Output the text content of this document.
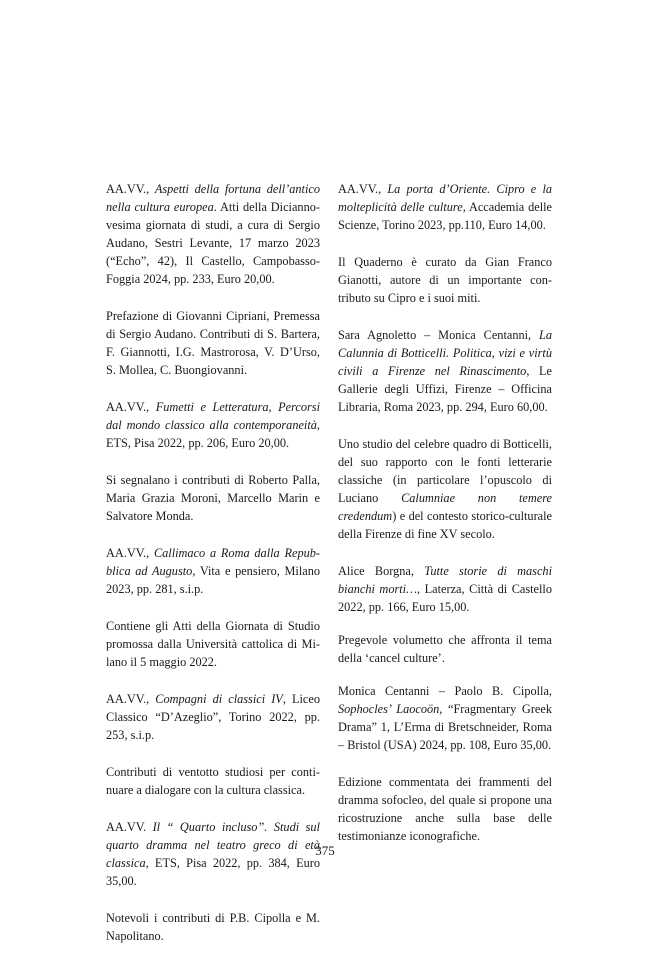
AA.VV., Aspetti della fortuna dell’antico nella cultura europea. Atti della Diciannovesima giornata di studi, a cura di Sergio Audano, Sestri Levante, 17 marzo 2023 (“Echo”, 42), Il Castello, Campobasso-Foggia 2024, pp. 233, Euro 20,00.

Prefazione di Giovanni Cipriani, Premessa di Sergio Audano. Contributi di S. Bartera, F. Giannotti, I.G. Mastrorosa, V. D’Urso, S. Mollea, C. Buongiovanni.

AA.VV., Fumetti e Letteratura, Percorsi dal mondo classico alla contemporaneità, ETS, Pisa 2022, pp. 206, Euro 20,00.

Si segnalano i contributi di Roberto Palla, Maria Grazia Moroni, Marcello Marin e Salvatore Monda.

AA.VV., Callimaco a Roma dalla Repubblica ad Augusto, Vita e pensiero, Milano 2023, pp. 281, s.i.p.

Contiene gli Atti della Giornata di Studio promossa dalla Università cattolica di Milano il 5 maggio 2022.

AA.VV., Compagni di classici IV, Liceo Classico “D’Azeglio”, Torino 2022, pp. 253, s.i.p.

Contributi di ventotto studiosi per continuare a dialogare con la cultura classica.

AA.VV. Il “ Quarto incluso”. Studi sul quarto dramma nel teatro greco di età classica, ETS, Pisa 2022, pp. 384, Euro 35,00.

Notevoli i contributi di P.B. Cipolla e M. Napolitano.

AA.VV., La porta d’Oriente. Cipro e la molteplicità delle culture, Accademia delle Scienze, Torino 2023, pp.110, Euro 14,00.

Il Quaderno è curato da Gian Franco Gianotti, autore di un importante contributo su Cipro e i suoi miti.

Sara Agnoletto – Monica Centanni, La Calunnia di Botticelli. Politica, vizi e virtù civili a Firenze nel Rinascimento, Le Gallerie degli Uffizi, Firenze – Officina Libraria, Roma 2023, pp. 294, Euro 60,00.

Uno studio del celebre quadro di Botticelli, del suo rapporto con le fonti letterarie classiche (in particolare l’opuscolo di Luciano Calumniae non temere credendum) e del contesto storico-culturale della Firenze di fine XV secolo.

Alice Borgna, Tutte storie di maschi bianchi morti…, Laterza, Città di Castello 2022, pp. 166, Euro 15,00.

Pregevole volumetto che affronta il tema della ‘cancel culture’.

Monica Centanni – Paolo B. Cipolla, Sophocles’ Laocoön, “Fragmentary Greek Drama” 1, L’Erma di Bretschneider, Roma – Bristol (USA) 2024, pp. 108, Euro 35,00.

Edizione commentata dei frammenti del dramma sofocleo, del quale si propone una ricostruzione anche sulla base delle testimonianze iconografiche.

375
